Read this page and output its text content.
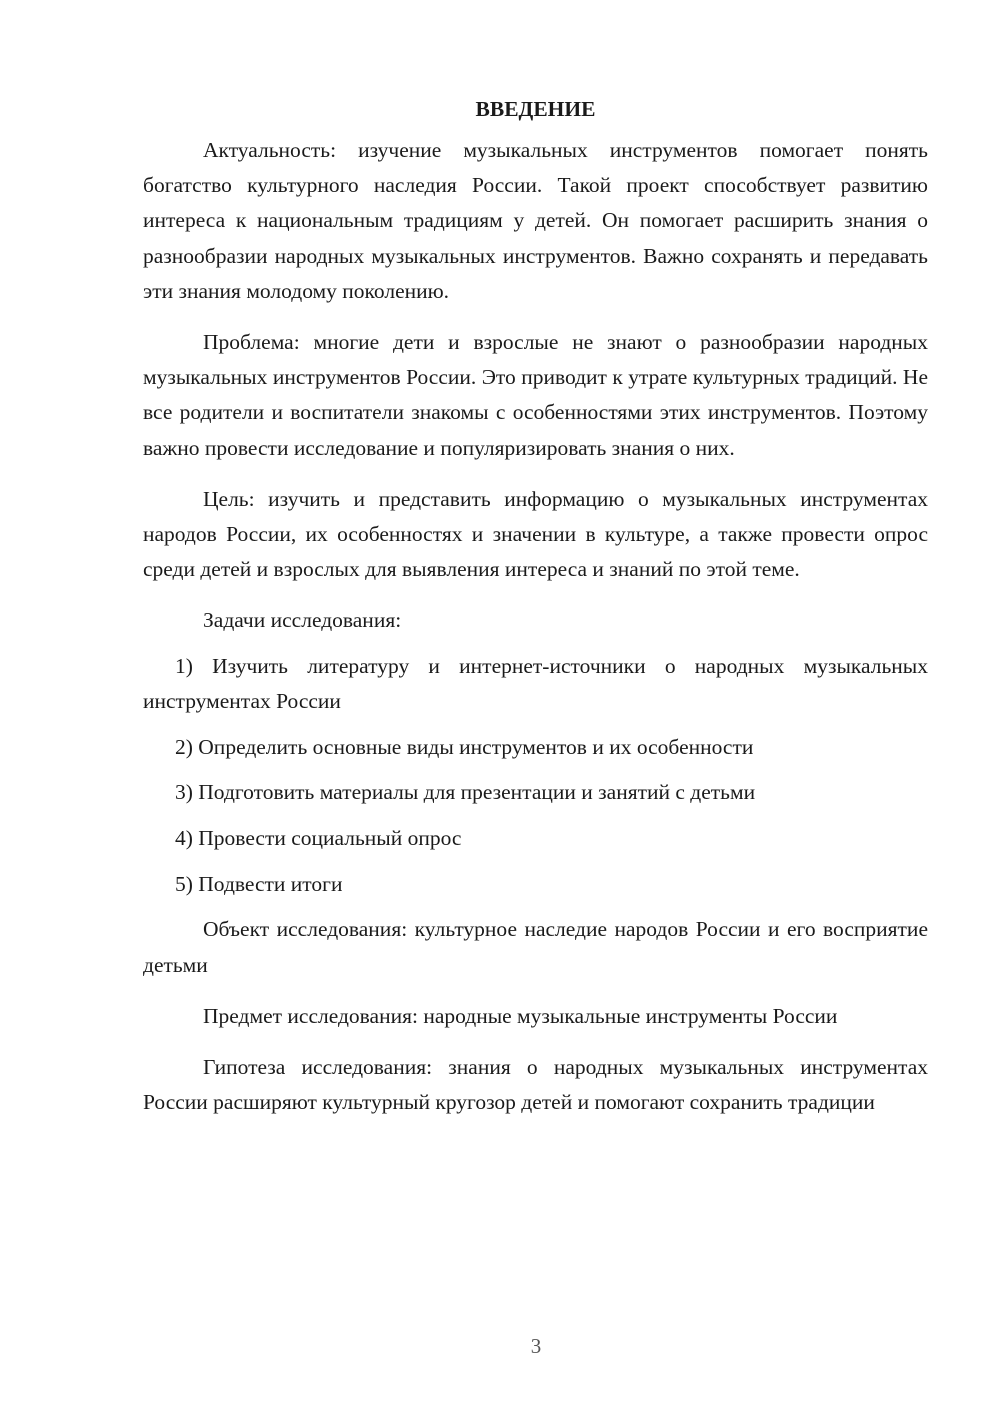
ВВЕДЕНИЕ

Актуальность: изучение музыкальных инструментов помогает понять богатство культурного наследия России. Такой проект способствует развитию интереса к национальным традициям у детей. Он помогает расширить знания о разнообразии народных музыкальных инструментов. Важно сохранять и передавать эти знания молодому поколению.

Проблема: многие дети и взрослые не знают о разнообразии народных музыкальных инструментов России. Это приводит к утрате культурных традиций. Не все родители и воспитатели знакомы с особенностями этих инструментов. Поэтому важно провести исследование и популяризировать знания о них.

Цель: изучить и представить информацию о музыкальных инструментах народов России, их особенностях и значении в культуре, а также провести опрос среди детей и взрослых для выявления интереса и знаний по этой теме.

Задачи исследования:

1) Изучить литературу и интернет-источники о народных музыкальных инструментах России

2) Определить основные виды инструментов и их особенности

3) Подготовить материалы для презентации и занятий с детьми

4) Провести социальный опрос

5) Подвести итоги

Объект исследования: культурное наследие народов России и его восприятие детьми

Предмет исследования: народные музыкальные инструменты России

Гипотеза исследования: знания о народных музыкальных инструментах России расширяют культурный кругозор детей и помогают сохранить традиции

3
